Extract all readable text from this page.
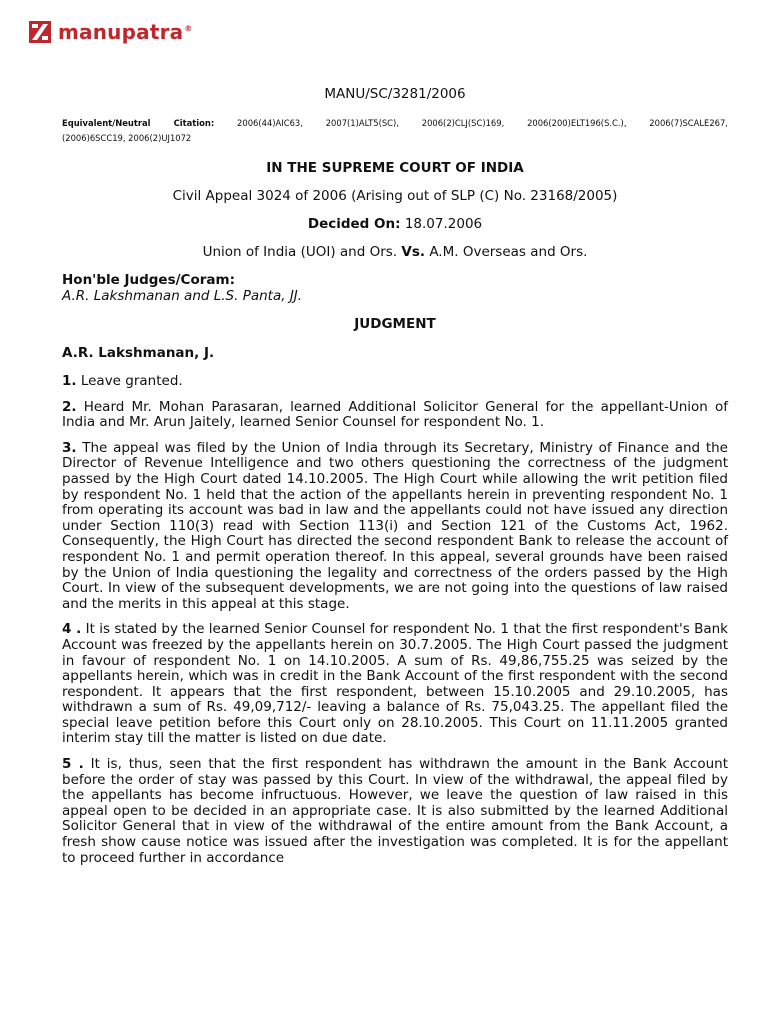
manupatra®

MANU/SC/3281/2006

Equivalent/Neutral Citation:	2006(44)AIC63, 2007(1)ALT5(SC), 2006(2)CLJ(SC)169, 2006(200)ELT196(S.C.), 2006(7)SCALE267,
(2006)6SCC19, 2006(2)UJ1072

IN THE SUPREME COURT OF INDIA

Civil Appeal 3024 of 2006 (Arising out of SLP (C) No. 23168/2005)

Decided On: 18.07.2006

Union of India (UOI) and Ors. Vs. A.M. Overseas and Ors.

Hon'ble Judges/Coram:

A.R. Lakshmanan and L.S. Panta, JJ.

JUDGMENT

A.R. Lakshmanan, J.

1. Leave granted.

2. Heard Mr. Mohan Parasaran, learned Additional Solicitor General for the appellant-Union of India and Mr. Arun Jaitely, learned Senior Counsel for respondent No. 1.

3. The appeal was filed by the Union of India through its Secretary, Ministry of Finance and the Director of Revenue Intelligence and two others questioning the correctness of the judgment passed by the High Court dated 14.10.2005. The High Court while allowing the writ petition filed by respondent No. 1 held that the action of the appellants herein in preventing respondent No. 1 from operating its account was bad in law and the appellants could not have issued any direction under Section 110(3) read with Section 113(i) and Section 121 of the Customs Act, 1962. Consequently, the High Court has directed the second respondent Bank to release the account of respondent No. 1 and permit operation thereof. In this appeal, several grounds have been raised by the Union of India questioning the legality and correctness of the orders passed by the High Court. In view of the subsequent developments, we are not going into the questions of law raised and the merits in this appeal at this stage.

4 . It is stated by the learned Senior Counsel for respondent No. 1 that the first respondent's Bank Account was freezed by the appellants herein on 30.7.2005. The High Court passed the judgment in favour of respondent No. 1 on 14.10.2005. A sum of Rs. 49,86,755.25 was seized by the appellants herein, which was in credit in the Bank Account of the first respondent with the second respondent. It appears that the first respondent, between 15.10.2005 and 29.10.2005, has withdrawn a sum of Rs. 49,09,712/- leaving a balance of Rs. 75,043.25. The appellant filed the special leave petition before this Court only on 28.10.2005. This Court on 11.11.2005 granted interim stay till the matter is listed on due date.

5 . It is, thus, seen that the first respondent has withdrawn the amount in the Bank Account before the order of stay was passed by this Court. In view of the withdrawal, the appeal filed by the appellants has become infructuous. However, we leave the question of law raised in this appeal open to be decided in an appropriate case. It is also submitted by the learned Additional Solicitor General that in view of the withdrawal of the entire amount from the Bank Account, a fresh show cause notice was issued after the investigation was completed. It is for the appellant to proceed further in accordance
